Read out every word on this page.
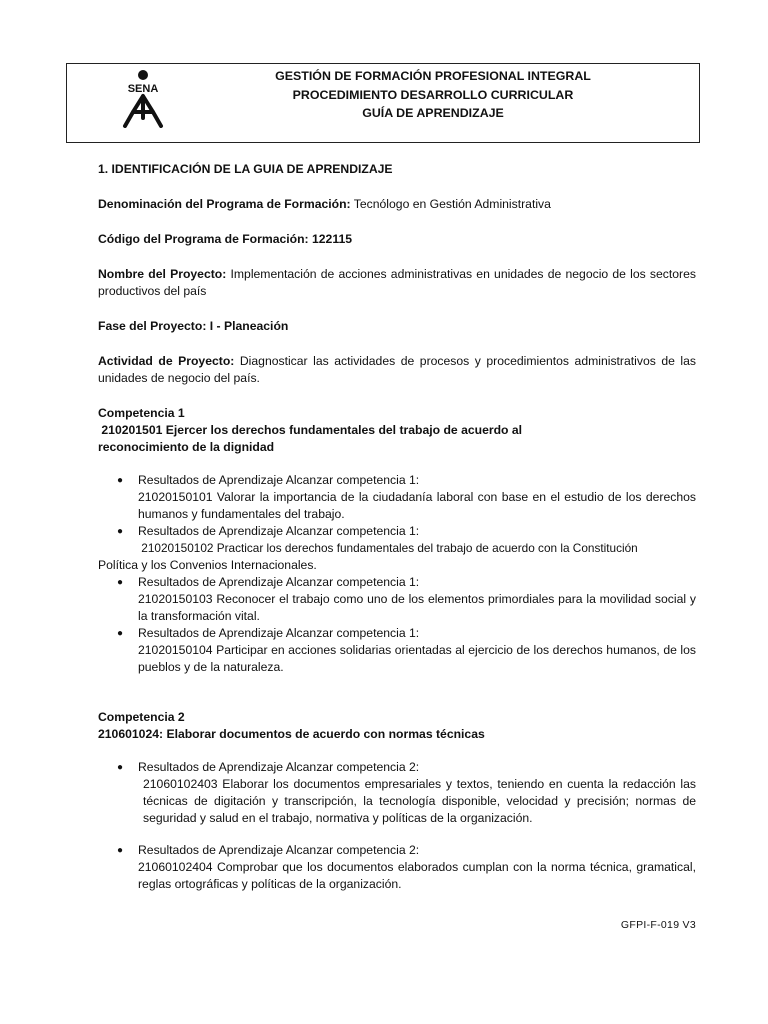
SENA
GESTIÓN DE FORMACIÓN PROFESIONAL INTEGRAL
PROCEDIMIENTO DESARROLLO CURRICULAR
GUÍA DE APRENDIZAJE

1. IDENTIFICACIÓN DE LA GUIA DE APRENDIZAJE

Denominación del Programa de Formación: Tecnólogo en Gestión Administrativa

Código del Programa de Formación: 122115

Nombre del Proyecto: Implementación de acciones administrativas en unidades de negocio de los sectores productivos del país

Fase del Proyecto: I - Planeación

Actividad de Proyecto: Diagnosticar las actividades de procesos y procedimientos administrativos de las unidades de negocio del país.

Competencia 1
210201501 Ejercer los derechos fundamentales del trabajo de acuerdo al
reconocimiento de la dignidad
● Resultados de Aprendizaje Alcanzar competencia 1:
21020150101 Valorar la importancia de la ciudadanía laboral con base en el estudio de los derechos humanos y fundamentales del trabajo.
● Resultados de Aprendizaje Alcanzar competencia 1:
21020150102 Practicar los derechos fundamentales del trabajo de acuerdo con la Constitución
Política y los Convenios Internacionales.
● Resultados de Aprendizaje Alcanzar competencia 1:
21020150103 Reconocer el trabajo como uno de los elementos primordiales para la movilidad social y la transformación vital.
● Resultados de Aprendizaje Alcanzar competencia 1:
21020150104 Participar en acciones solidarias orientadas al ejercicio de los derechos humanos, de los pueblos y de la naturaleza.
Competencia 2
210601024: Elaborar documentos de acuerdo con normas técnicas
● Resultados de Aprendizaje Alcanzar competencia 2:
21060102403 Elaborar los documentos empresariales y textos, teniendo en cuenta la redacción las técnicas de digitación y transcripción, la tecnología disponible, velocidad y precisión; normas de seguridad y salud en el trabajo, normativa y políticas de la organización.
● Resultados de Aprendizaje Alcanzar competencia 2:
21060102404 Comprobar que los documentos elaborados cumplan con la norma técnica, gramatical, reglas ortográficas y políticas de la organización.
GFPI-F-019 V3
